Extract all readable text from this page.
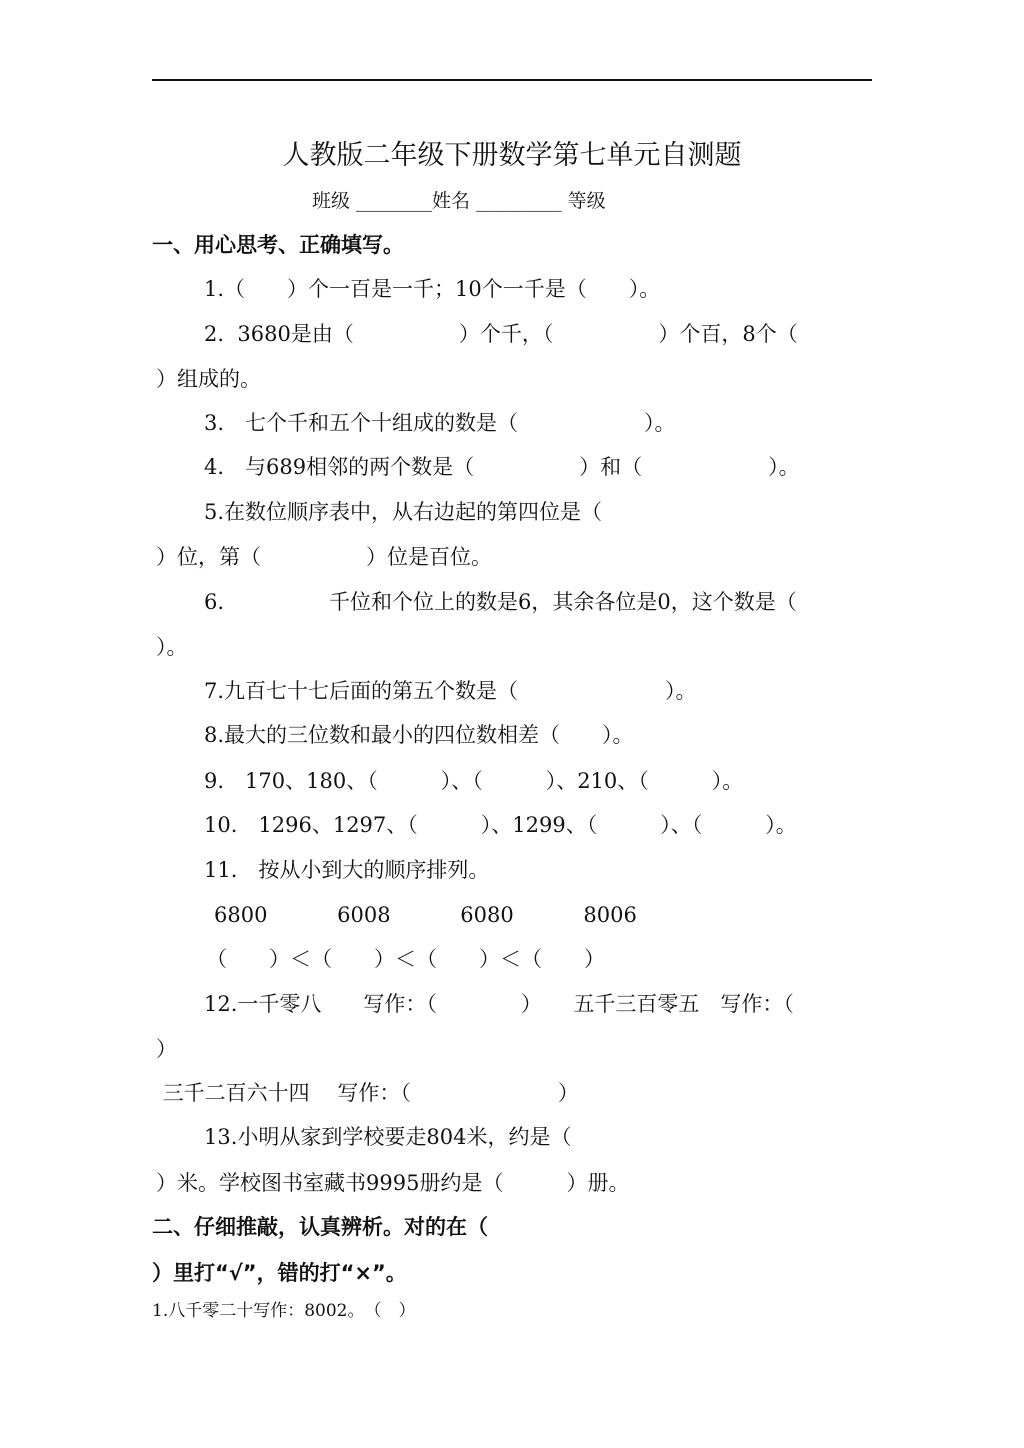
人教版二年级下册数学第七单元自测题
班级 ________姓名 _________ 等级
一、用心思考、正确填写。
1.（　　）个一百是一千；10个一千是（　　）。
2.  3680是由（　　　　　）个千，（　　　　　）个百，8个（
）组成的。
3.　七个千和五个十组成的数是（　　　　　　）。
4.　与689相邻的两个数是（　　　　　）和（　　　　　　）。
5.在数位顺序表中，从右边起的第四位是（
）位，第（　　　　　）位是百位。
6.　　　　　千位和个位上的数是6，其余各位是0，这个数是（
）。
7.九百七十七后面的第五个数是（　　　　　　　）。
8.最大的三位数和最小的四位数相差（　　）。
9.　170、180、（　　　）、（　　　）、210、（　　　）。
10.　1296、1297、（　　　）、1299、（　　　）、（　　　）。
11.　按从小到大的顺序排列。
6800　　　 6008　　　 6080　　　 8006
（　　）＜（　　）＜（　　）＜（　　）
12.一千零八　　写作：（　　　　）　　五千三百零五　写作：（
）
三千二百六十四　 写作：（　　　　　　　）
13.小明从家到学校要走804米，约是（
）米。学校图书室藏书9995册约是（　　　）册。
二、仔细推敲，认真辨析。对的在（
）里打“√”，错的打“×”。
1.八千零二十写作：8002。　（　）
